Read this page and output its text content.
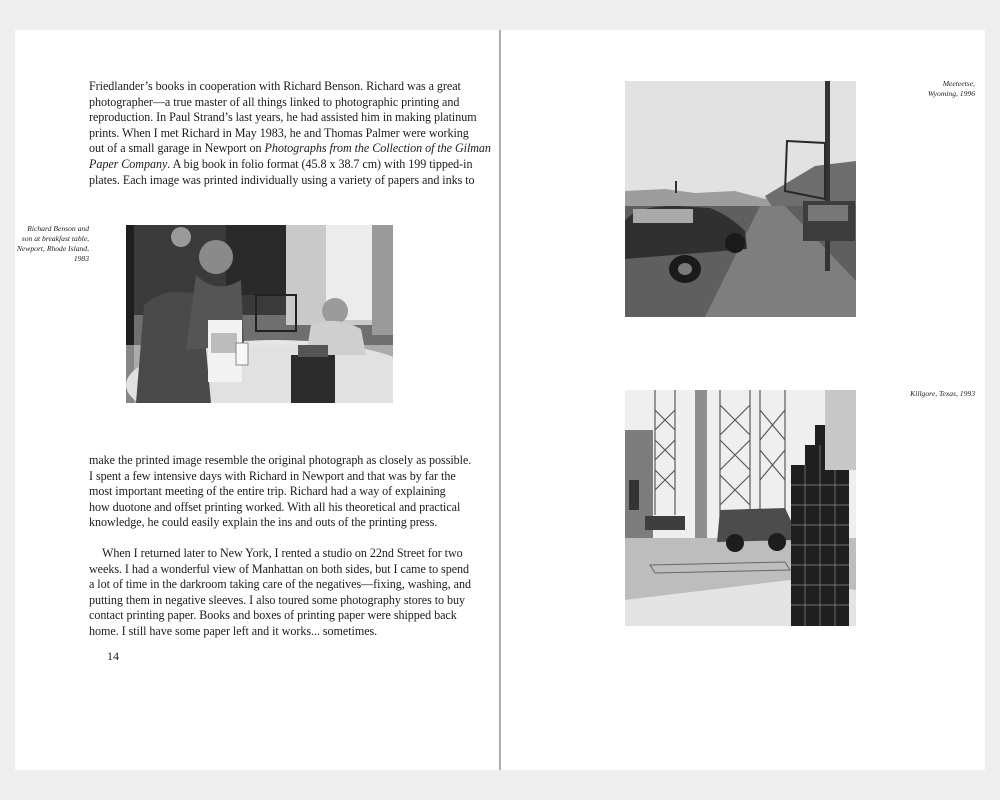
Friedlander’s books in cooperation with Richard Benson. Richard was a great
photographer—a true master of all things linked to photographic printing and
reproduction. In Paul Strand’s last years, he had assisted him in making platinum
prints. When I met Richard in May 1983, he and Thomas Palmer were working
out of a small garage in Newport on Photographs from the Collection of the Gilman
Paper Company. A big book in folio format (45.8 x 38.7 cm) with 199 tipped-in
plates. Each image was printed individually using a variety of papers and inks to

Richard Benson and
son at breakfast table,
Newport, Rhode Island,
1983

make the printed image resemble the original photograph as closely as possible.
I spent a few intensive days with Richard in Newport and that was by far the
most important meeting of the entire trip. Richard had a way of explaining
how duotone and offset printing worked. With all his theoretical and practical
knowledge, he could easily explain the ins and outs of the printing press.

When I returned later to New York, I rented a studio on 22nd Street for two
weeks. I had a wonderful view of Manhattan on both sides, but I came to spend
a lot of time in the darkroom taking care of the negatives—fixing, washing, and
putting them in negative sleeves. I also toured some photography stores to buy
contact printing paper. Books and boxes of printing paper were shipped back
home. I still have some paper left and it works... sometimes.

14
Meeteetse,
Wyoming, 1996
Killgore, Texas, 1993
